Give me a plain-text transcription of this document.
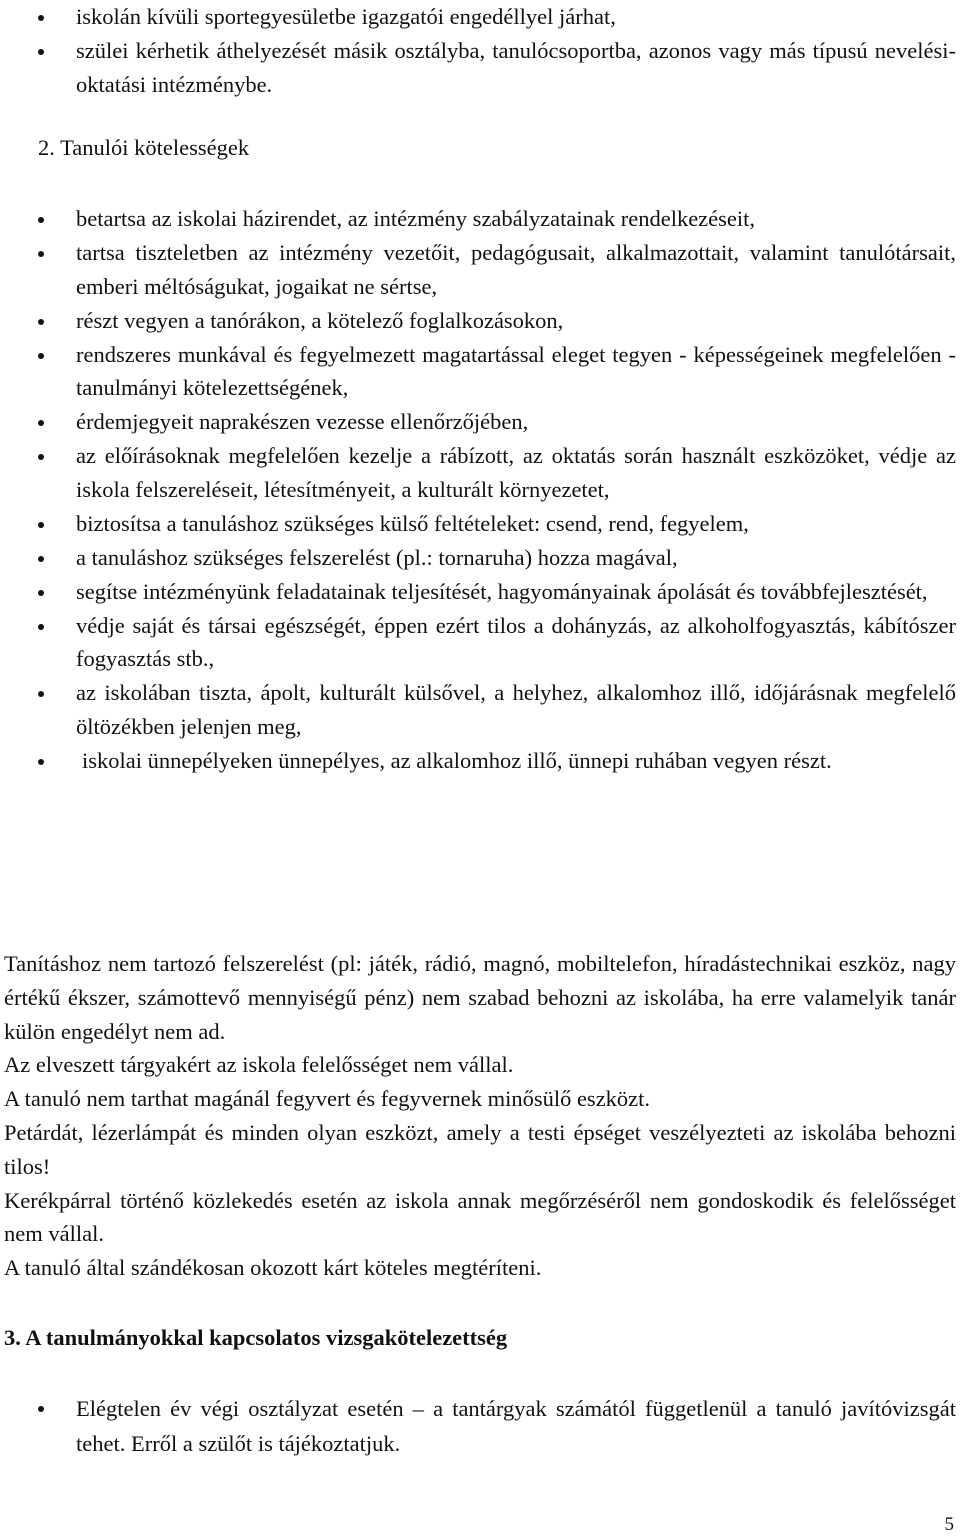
iskolán kívüli sportegyesületbe igazgatói engedéllyel járhat,
szülei kérhetik áthelyezését másik osztályba, tanulócsoportba, azonos vagy más típusú nevelési-oktatási intézménybe.
2. Tanulói kötelességek
betartsa az iskolai házirendet, az intézmény szabályzatainak rendelkezéseit,
tartsa tiszteletben az intézmény vezetőit, pedagógusait, alkalmazottait, valamint tanulótársait, emberi méltóságukat, jogaikat ne sértse,
részt vegyen a tanórákon, a kötelező foglalkozásokon,
rendszeres munkával és fegyelmezett magatartással eleget tegyen - képességeinek megfelelően - tanulmányi kötelezettségének,
érdemjegyeit naprakészen vezesse ellenőrzőjében,
az előírásoknak megfelelően kezelje a rábízott, az oktatás során használt eszközöket, védje az iskola felszereléseit, létesítményeit, a kulturált környezetet,
biztosítsa a tanuláshoz szükséges külső feltételeket: csend, rend, fegyelem,
a tanuláshoz szükséges felszerelést (pl.: tornaruha) hozza magával,
segítse intézményünk feladatainak teljesítését, hagyományainak ápolását és továbbfejlesztését,
védje saját és társai egészségét, éppen ezért tilos a dohányzás, az alkoholfogyasztás, kábítószer fogyasztás stb.,
az iskolában tiszta, ápolt, kulturált külsővel, a helyhez, alkalomhoz illő, időjárásnak megfelelő öltözékben jelenjen meg,
iskolai ünnepélyeken ünnepélyes, az alkalomhoz illő, ünnepi ruhában vegyen részt.

Tanításhoz nem tartozó felszerelést (pl: játék, rádió, magnó, mobiltelefon, híradástechnikai eszköz, nagy értékű ékszer, számottevő mennyiségű pénz) nem szabad behozni az iskolába, ha erre valamelyik tanár külön engedélyt nem ad.

Az elveszett tárgyakért az iskola felelősséget nem vállal.

A tanuló nem tarthat magánál fegyvert és fegyvernek minősülő eszközt.

Petárdát, lézerlámpát és minden olyan eszközt, amely a testi épséget veszélyezteti az iskolába behozni tilos!

Kerékpárral történő közlekedés esetén az iskola annak megőrzéséről nem gondoskodik és felelősséget nem vállal.

A tanuló által szándékosan okozott kárt köteles megtéríteni.

3. A tanulmányokkal kapcsolatos vizsgakötelezettség
Elégtelen év végi osztályzat esetén – a tantárgyak számától függetlenül a tanuló javítóvizsgát tehet. Erről a szülőt is tájékoztatjuk.
5
